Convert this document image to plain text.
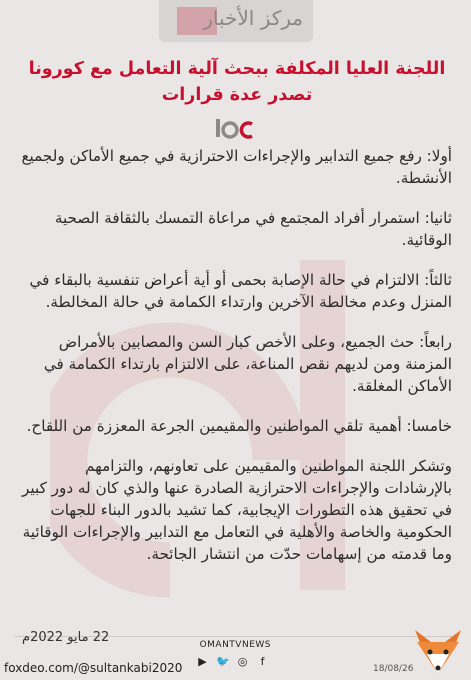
مركز الأخبار
اللجنة العليا المكلفة ببحث آلية التعامل مع كورونا
تصدر عدة قرارات

أولا: رفع جميع التدابير والإجراءات الاحترازية في جميع الأماكن ولجميع الأنشطة.

ثانيا: استمرار أفراد المجتمع في مراعاة التمسك بالثقافة الصحية الوقائية.

ثالثاً: الالتزام في حالة الإصابة بحمى أو أية أعراض تنفسية بالبقاء في المنزل وعدم مخالطة الآخرين وارتداء الكمامة في حالة المخالطة.

رابعاً: حث الجميع، وعلى الأخص كبار السن والمصابين بالأمراض المزمنة ومن لديهم نقص المناعة، على الالتزام بارتداء الكمامة في الأماكن المغلقة.

خامسا: أهمية تلقي المواطنين والمقيمين الجرعة المعززة من اللقاح.

وتشكر اللجنة المواطنين والمقيمين على تعاونهم، والتزامهم بالإرشادات والإجراءات الاحترازية الصادرة عنها والذي كان له دور كبير في تحقيق هذه التطورات الإيجابية، كما تشيد بالدور البناء للجهات الحكومية والخاصة والأهلية في التعامل مع التدابير والإجراءات الوقائية وما قدمته من إسهامات حدّت من انتشار الجائحة.

22 مايو 2022م	OMANTVNEWS
▶ 🐦 ◎	f
18/08/26
foxdeo.com/@sultankabi2020
